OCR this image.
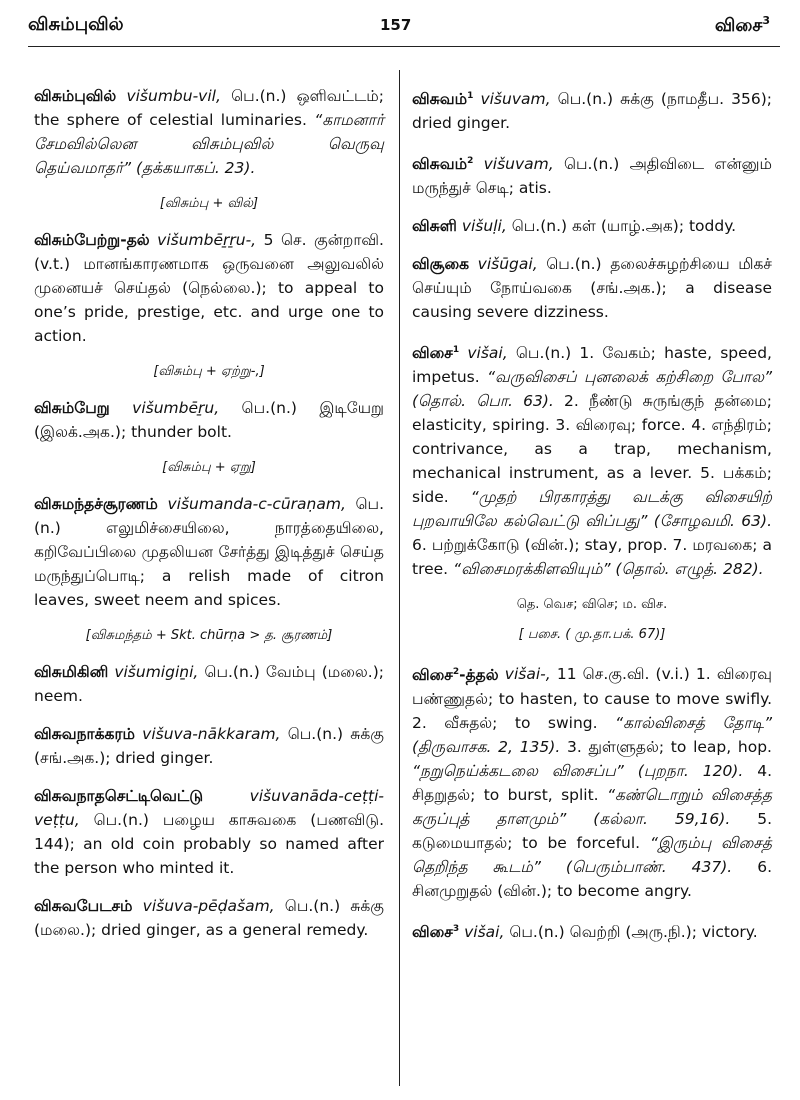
விசும்புவில்	157	விசை$^3$

விசும்புவில் višumbu-vil, பெ.(n.) ஒளிவட்டம்; the sphere of celestial luminaries. “காமனார் சேமவில்லென விசும்புவில் வெருவு தெய்வமாதர்” (தக்கயாகப். 23).

[விசும்பு + வில்]

விசும்பேற்று-தல் višumbēṟṟu-, 5 செ. குன்றாவி.(v.t.) மானங்காரணமாக ஒருவனை அலுவலில் முனையச் செய்தல் (நெல்லை.); to appeal to one’s pride, prestige, etc. and urge one to action.

[விசும்பு + ஏற்று-,]

விசும்பேறு višumbēṟu, பெ.(n.) இடியேறு (இலக்.அக.); thunder bolt.

[விசும்பு + ஏறு]

விசுமந்தச்சூரணம் višumanda-c-cūraṇam, பெ.(n.) எலுமிச்சையிலை, நாரத்தையிலை, கறிவேப்பிலை முதலியன சேர்த்து இடித்துச் செய்த மருந்துப்பொடி; a relish made of citron leaves, sweet neem and spices.

[விசுமந்தம் + Skt. chūrṇa > த. சூரணம்]

விசுமிகினி višumigiṉi, பெ.(n.) வேம்பு (மலை.); neem.

விசுவநாக்கரம் višuva-nākkaram, பெ.(n.) சுக்கு (சங்.அக.); dried ginger.

விசுவநாதசெட்டிவெட்டு	višuvanāda-ceṭṭi-veṭṭu, பெ.(n.) பழைய காசுவகை (பணவிடு. 144); an old coin probably so named after the person who minted it.

விசுவபேடசம் višuva-pēḍašam, பெ.(n.) சுக்கு (மலை.); dried ginger, as a general remedy.

விசுவம்$^1$ višuvam, பெ.(n.) சுக்கு (நாமதீப. 356); dried ginger.

விசுவம்$^2$ višuvam, பெ.(n.) அதிவிடை என்னும் மருந்துச் செடி; atis.

விசுளி višuḷi, பெ.(n.) கள் (யாழ்.அக); toddy.

விசூகை višūgai, பெ.(n.) தலைச்சுழற்சியை மிகச் செய்யும் நோய்வகை (சங்.அக.); a disease causing severe dizziness.

விசை$^1$ višai, பெ.(n.) 1. வேகம்; haste, speed, impetus. “வருவிசைப் புனலைக் கற்சிறை போல” (தொல். பொ. 63). 2. நீண்டு சுருங்குந் தன்மை; elasticity, spiring. 3. விரைவு; force. 4. எந்திரம்; contrivance, as a trap, mechanism, mechanical instrument, as a lever. 5. பக்கம்; side. “முதற் பிரகாரத்து வடக்கு விசையிற் புறவாயிலே கல்வெட்டு விப்பது” (சோழவமி. 63). 6. பற்றுக்கோடு (வின்.); stay, prop. 7. மரவகை; a tree. “விசைமரக்கிளவியும்” (தொல். எழுத். 282).

தெ. வெச; விசெ; ம. விச.

[ பசை. ( மு.தா.பக். 67)]

விசை$^2$-த்தல் višai-, 11 செ.கு.வி. (v.i.) 1. விரைவு பண்ணுதல்; to hasten, to cause to move swifly. 2. வீசுதல்; to swing. “கால்விசைத் தோடி” (திருவாசக. 2, 135). 3. துள்ளுதல்; to leap, hop. “நறுநெய்க்கடலை விசைப்ப” (புறநா. 120). 4. சிதறுதல்; to burst, split. “கண்டொறும் விசைத்த கருப்புத் தாளமும்” (கல்லா. 59,16). 5. கடுமையாதல்; to be forceful. “இரும்பு விசைத் தெறிந்த கூடம்” (பெரும்பாண். 437). 6. சினமுறுதல் (வின்.); to become angry.

விசை$^3$ višai, பெ.(n.) வெற்றி (அரு.நி.); victory.
